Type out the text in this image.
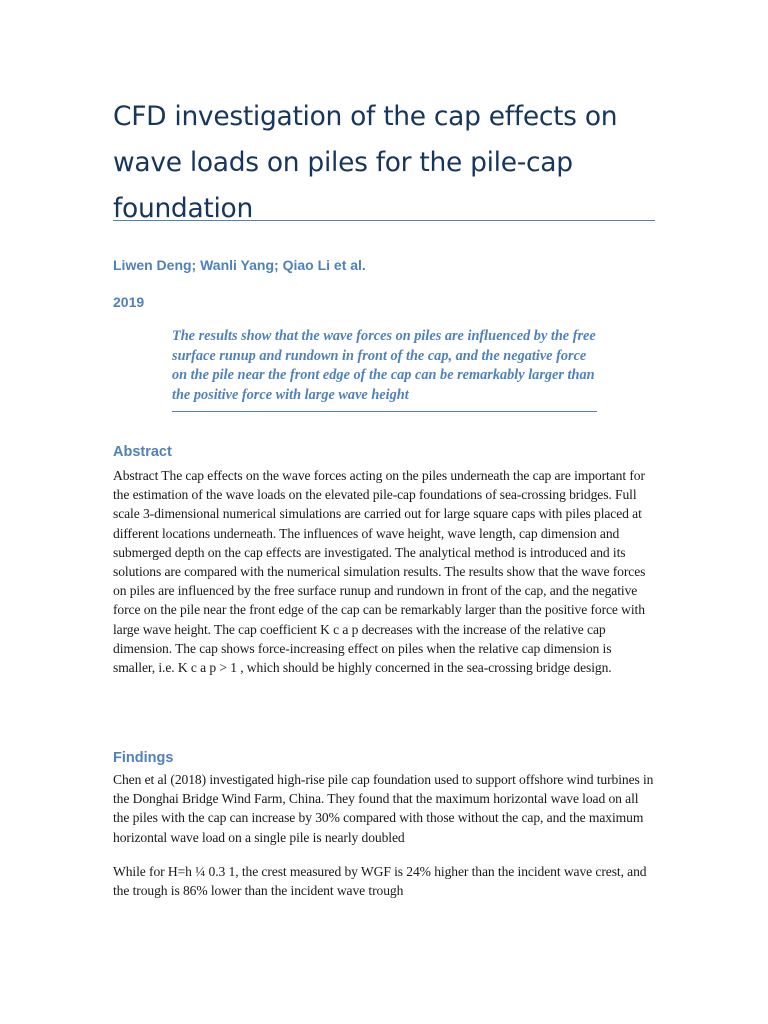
CFD investigation of the cap effects on wave loads on piles for the pile-cap foundation

Liwen Deng; Wanli Yang; Qiao Li et al.

2019

The results show that the wave forces on piles are influenced by the free surface runup and rundown in front of the cap, and the negative force on the pile near the front edge of the cap can be remarkably larger than the positive force with large wave height

Abstract

Abstract The cap effects on the wave forces acting on the piles underneath the cap are important for the estimation of the wave loads on the elevated pile-cap foundations of sea-crossing bridges. Full scale 3-dimensional numerical simulations are carried out for large square caps with piles placed at different locations underneath. The influences of wave height, wave length, cap dimension and submerged depth on the cap effects are investigated. The analytical method is introduced and its solutions are compared with the numerical simulation results. The results show that the wave forces on piles are influenced by the free surface runup and rundown in front of the cap, and the negative force on the pile near the front edge of the cap can be remarkably larger than the positive force with large wave height. The cap coefficient K c a p decreases with the increase of the relative cap dimension. The cap shows force-increasing effect on piles when the relative cap dimension is smaller, i.e. K c a p > 1 , which should be highly concerned in the sea-crossing bridge design.

Findings

Chen et al (2018) investigated high-rise pile cap foundation used to support offshore wind turbines in the Donghai Bridge Wind Farm, China. They found that the maximum horizontal wave load on all the piles with the cap can increase by 30% compared with those without the cap, and the maximum horizontal wave load on a single pile is nearly doubled

While for H=h ¼ 0.3 1, the crest measured by WGF is 24% higher than the incident wave crest, and the trough is 86% lower than the incident wave trough
